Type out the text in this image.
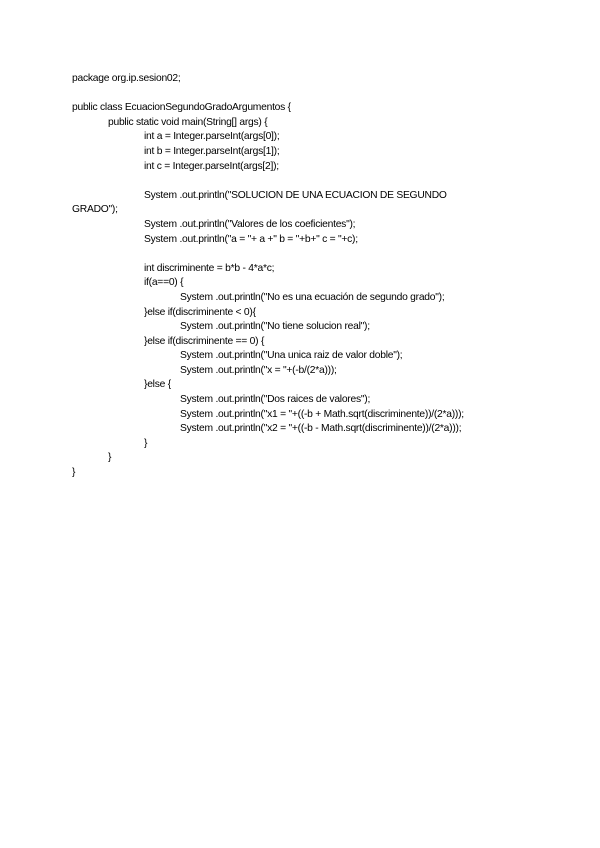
package org.ip.sesion02;
public class EcuacionSegundoGradoArgumentos {
public static void main(String[] args) {
int a = Integer.parseInt(args[0]);
int b = Integer.parseInt(args[1]);
int c = Integer.parseInt(args[2]);
System .out.println("SOLUCION DE UNA ECUACION DE SEGUNDO
GRADO");
System .out.println("Valores de los coeficientes");
System .out.println("a = "+ a +" b = "+b+" c = "+c);
int discriminente = b*b - 4*a*c;
if(a==0) {
System .out.println("No es una ecuación de segundo grado");
}else if(discriminente < 0){
System .out.println("No tiene solucion real");
}else if(discriminente == 0) {
System .out.println("Una unica raiz de valor doble");
System .out.println("x = "+(-b/(2*a)));
}else {
System .out.println("Dos raices de valores");
System .out.println("x1 = "+((-b + Math.sqrt(discriminente))/(2*a)));
System .out.println("x2 = "+((-b - Math.sqrt(discriminente))/(2*a)));
}
}
}
